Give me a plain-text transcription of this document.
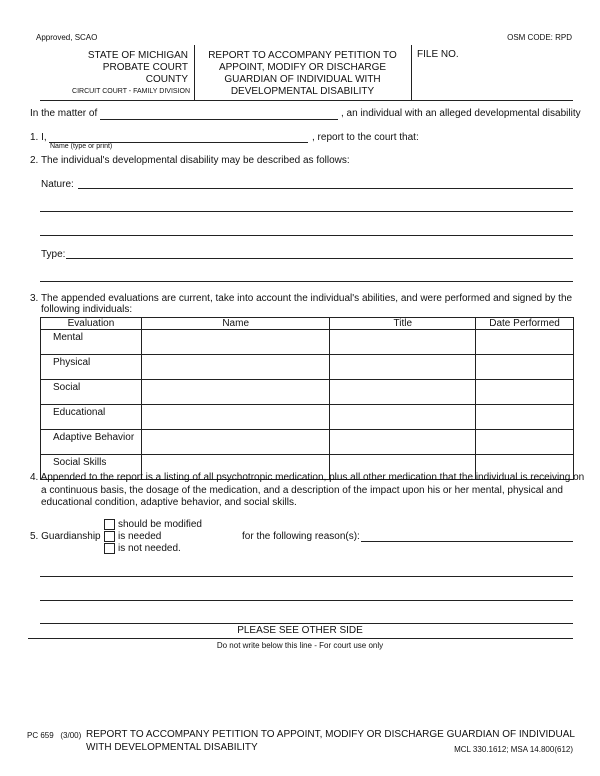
Approved, SCAO	OSM CODE: RPD
STATE OF MICHIGAN
PROBATE COURT
COUNTY
CIRCUIT COURT - FAMILY DIVISION
REPORT TO ACCOMPANY PETITION TO
APPOINT, MODIFY OR DISCHARGE
GUARDIAN OF INDIVIDUAL WITH
DEVELOPMENTAL DISABILITY
FILE NO.
In the matter of	, an individual with an alleged developmental disability
1. I,	, report to the court that:
Name (type or print)
2. The individual's developmental disability may be described as follows:
Nature:
Type:
3. The appended evaluations are current, take into account the individual's abilities, and were performed and signed by the
following individuals:
Evaluation	Name	Title	Date Performed
Mental			
Physical			
Social			
Educational			
Adaptive Behavior			
Social Skills			
4. Appended to the report is a listing of all psychotropic medication, plus all other medication that the individual is receiving on
a continuous basis, the dosage of the medication, and a description of the impact upon his or her mental, physical and
educational condition, adaptive behavior, and social skills.
should be modified
is needed
is not needed.
5. Guardianship	for the following reason(s):
PLEASE SEE OTHER SIDE
Do not write below this line - For court use only
PC 659 (3/00) REPORT TO ACCOMPANY PETITION TO APPOINT, MODIFY OR DISCHARGE GUARDIAN OF INDIVIDUAL
WITH DEVELOPMENTAL DISABILITY	MCL 330.1612; MSA 14.800(612)
